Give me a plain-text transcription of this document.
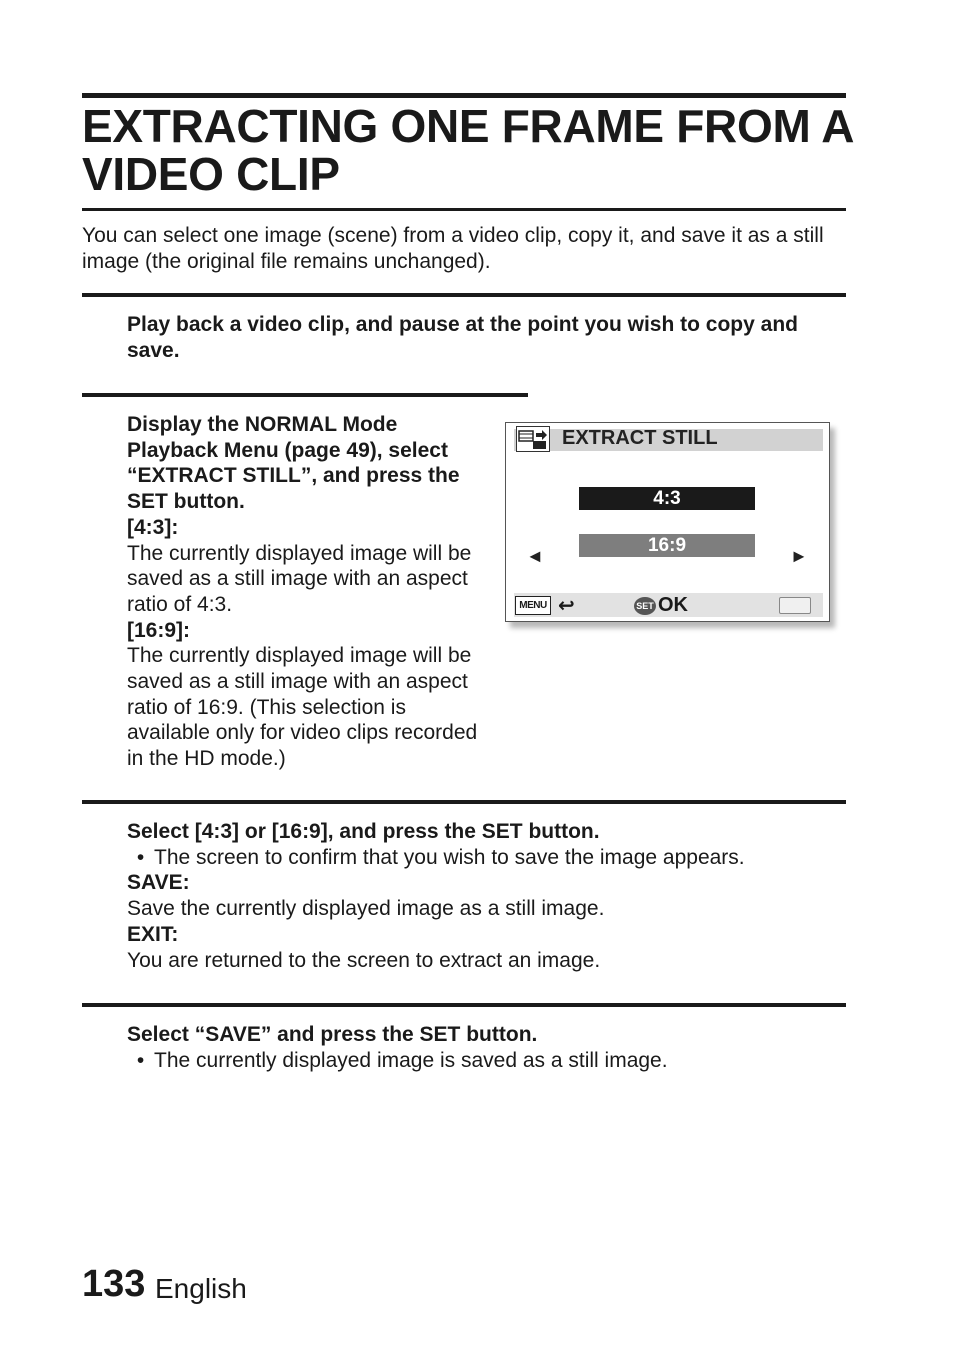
EXTRACTING ONE FRAME FROM A VIDEO CLIP
You can select one image (scene) from a video clip, copy it, and save it as a still image (the original file remains unchanged).
Play back a video clip, and pause at the point you wish to copy and save.
Display the NORMAL Mode Playback Menu (page 49), select “EXTRACT STILL”, and press the SET button.
[4:3]:
The currently displayed image will be saved as a still image with an aspect ratio of 4:3.
[16:9]:
The currently displayed image will be saved as a still image with an aspect ratio of 16:9. (This selection is available only for video clips recorded in the HD mode.)
EXTRACT STILL
4:3
16:9
◄	►
MENU ↩	SET OK
Select [4:3] or [16:9], and press the SET button.
• The screen to confirm that you wish to save the image appears.
SAVE:
Save the currently displayed image as a still image.
EXIT:
You are returned to the screen to extract an image.
Select “SAVE” and press the SET button.
• The currently displayed image is saved as a still image.
133 English
